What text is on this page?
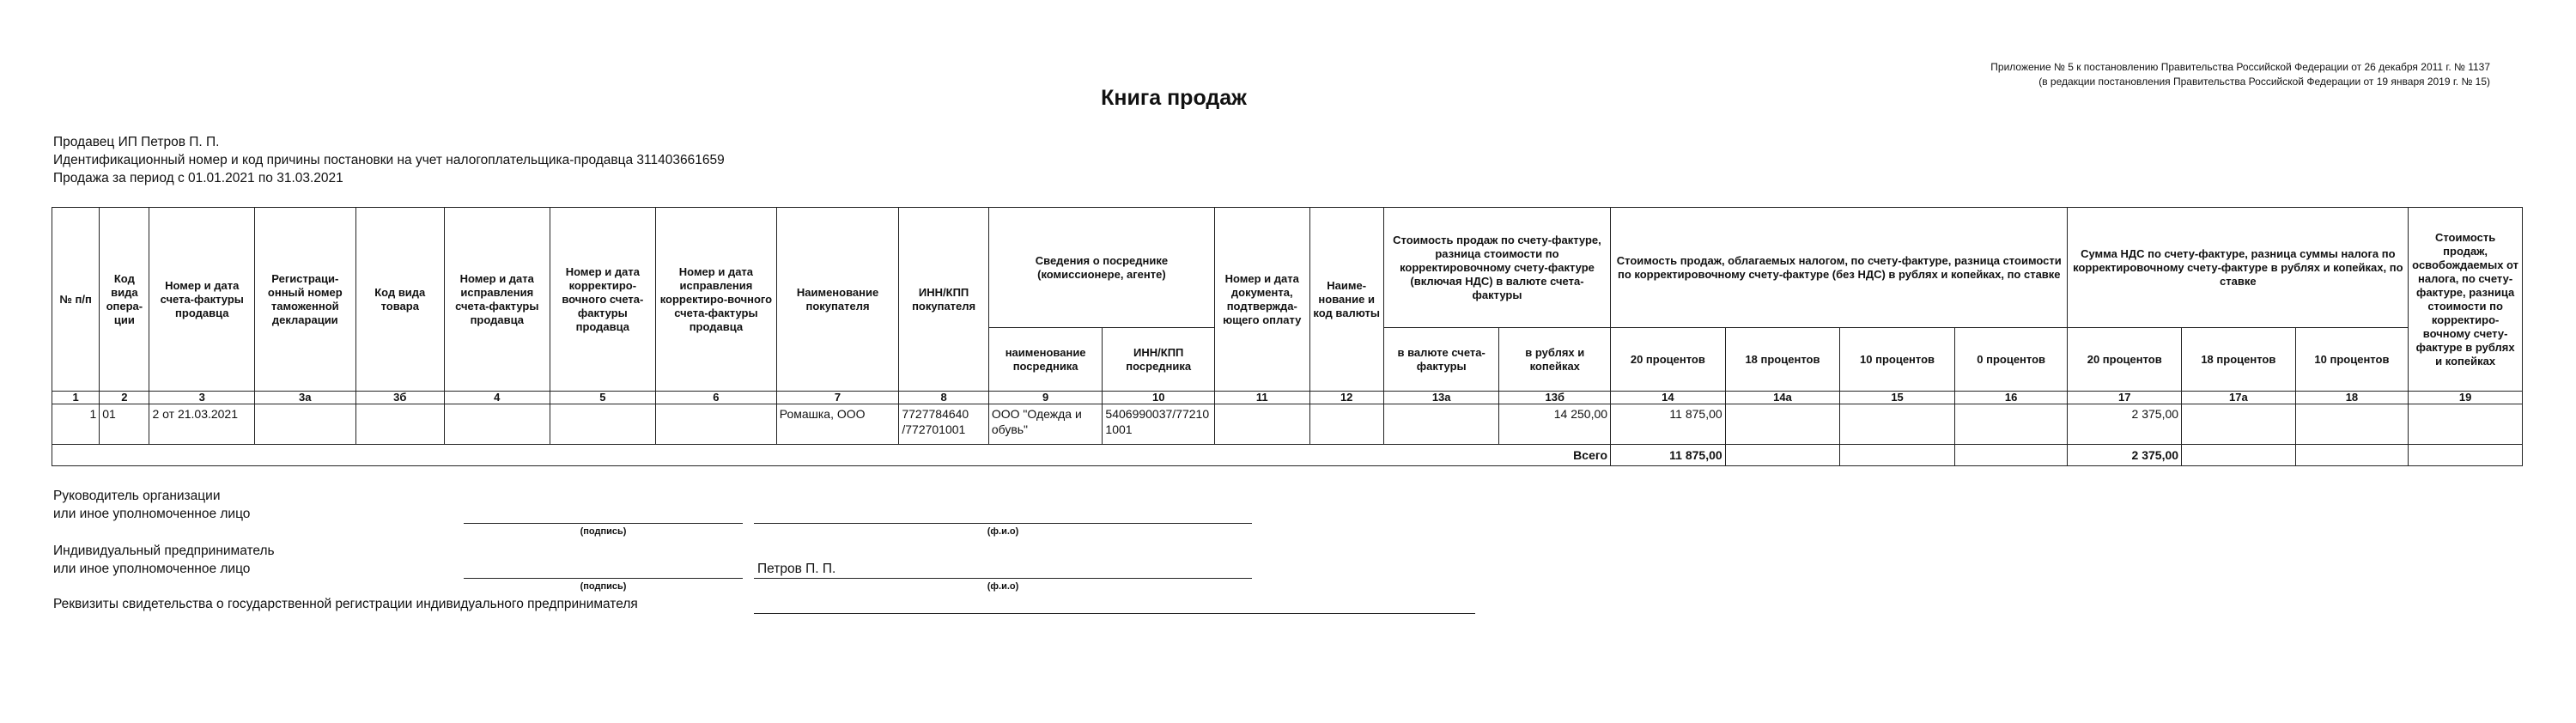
Приложение № 5 к постановлению Правительства Российской Федерации от 26 декабря 2011 г. № 1137
(в редакции постановления Правительства Российской Федерации от 19 января 2019 г. № 15)
Книга продаж
Продавец ИП Петров П. П.
Идентификационный номер и код причины постановки на учет налогоплательщика-продавца 311403661659
Продажа за период с 01.01.2021 по 31.03.2021
№ п/п	Код вида опера-ции	Номер и дата счета-фактуры продавца	Регистраци-онный номер таможенной декларации	Код вида товара	Номер и дата исправления счета-фактуры продавца	Номер и дата корректиро-вочного счета-фактуры продавца	Номер и дата исправления корректиро-вочного счета-фактуры продавца	Наименование покупателя	ИНН/КПП покупателя	Сведения о посреднике (комиссионере, агенте)		Номер и дата документа, подтвержда-ющего оплату	Наиме-нование и код валюты	Стоимость продаж по счету-фактуре, разница стоимости по корректировочному счету-фактуре (включая НДС) в валюте счета-фактуры		Стоимость продаж, облагаемых налогом, по счету-фактуре, разница стоимости по корректировочному счету-фактуре (без НДС) в рублях и копейках, по ставке				Сумма НДС по счету-фактуре, разница суммы налога по корректировочному счету-фактуре в рублях и копейках, по ставке			Стоимость продаж, освобождаемых от налога, по счету-фактуре, разница стоимости по корректиро-вочному счету-фактуре в рублях и копейках
										наименование посредника	ИНН/КПП посредника			в валюте счета-фактуры	в рублях и копейках	20 процентов	18 процентов	10 процентов	0 процентов	20 процентов	18 процентов	10 процентов	
1	2	3	3а	3б	4	5	6	7	8	9	10	11	12	13а	13б	14	14а	15	16	17	17а	18	19
1	01	2 от 21.03.2021						Ромашка, ООО	7727784640 /772701001	ООО "Одежда и обувь"	5406990037/772101001				14 250,00	11 875,00				2 375,00			
Всего																11 875,00				2 375,00			
Руководитель организации
или иное уполномоченное лицо
(подпись)	(ф.и.о)
Индивидуальный предприниматель
или иное уполномоченное лицо	Петров П. П.
(подпись)	(ф.и.о)
Реквизиты свидетельства о государственной регистрации индивидуального предпринимателя
